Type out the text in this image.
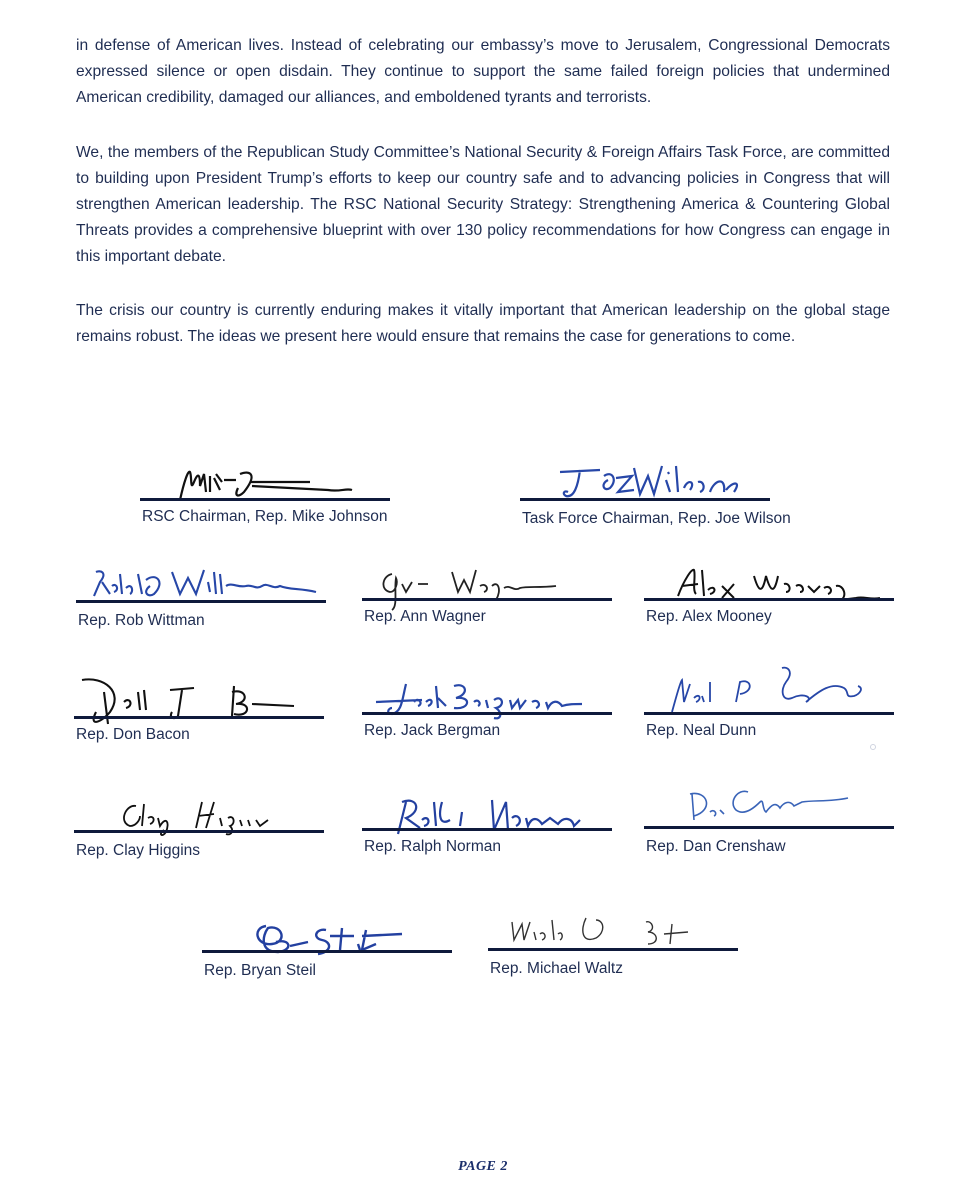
in defense of American lives. Instead of celebrating our embassy’s move to Jerusalem, Congressional Democrats expressed silence or open disdain. They continue to support the same failed foreign policies that undermined American credibility, damaged our alliances, and emboldened tyrants and terrorists.

We, the members of the Republican Study Committee’s National Security & Foreign Affairs Task Force, are committed to building upon President Trump’s efforts to keep our country safe and to advancing policies in Congress that will strengthen American leadership. The RSC National Security Strategy: Strengthening America & Countering Global Threats provides a comprehensive blueprint with over 130 policy recommendations for how Congress can engage in this important debate.

The crisis our country is currently enduring makes it vitally important that American leadership on the global stage remains robust. The ideas we present here would ensure that remains the case for generations to come.

RSC Chairman, Rep. Mike Johnson	Task Force Chairman, Rep. Joe Wilson
Rep. Rob Wittman	Rep. Ann Wagner	Rep. Alex Mooney
Rep. Don Bacon	Rep. Jack Bergman	Rep. Neal Dunn
Rep. Clay Higgins	Rep. Ralph Norman	Rep. Dan Crenshaw
Rep. Bryan Steil	Rep. Michael Waltz
PAGE 2
